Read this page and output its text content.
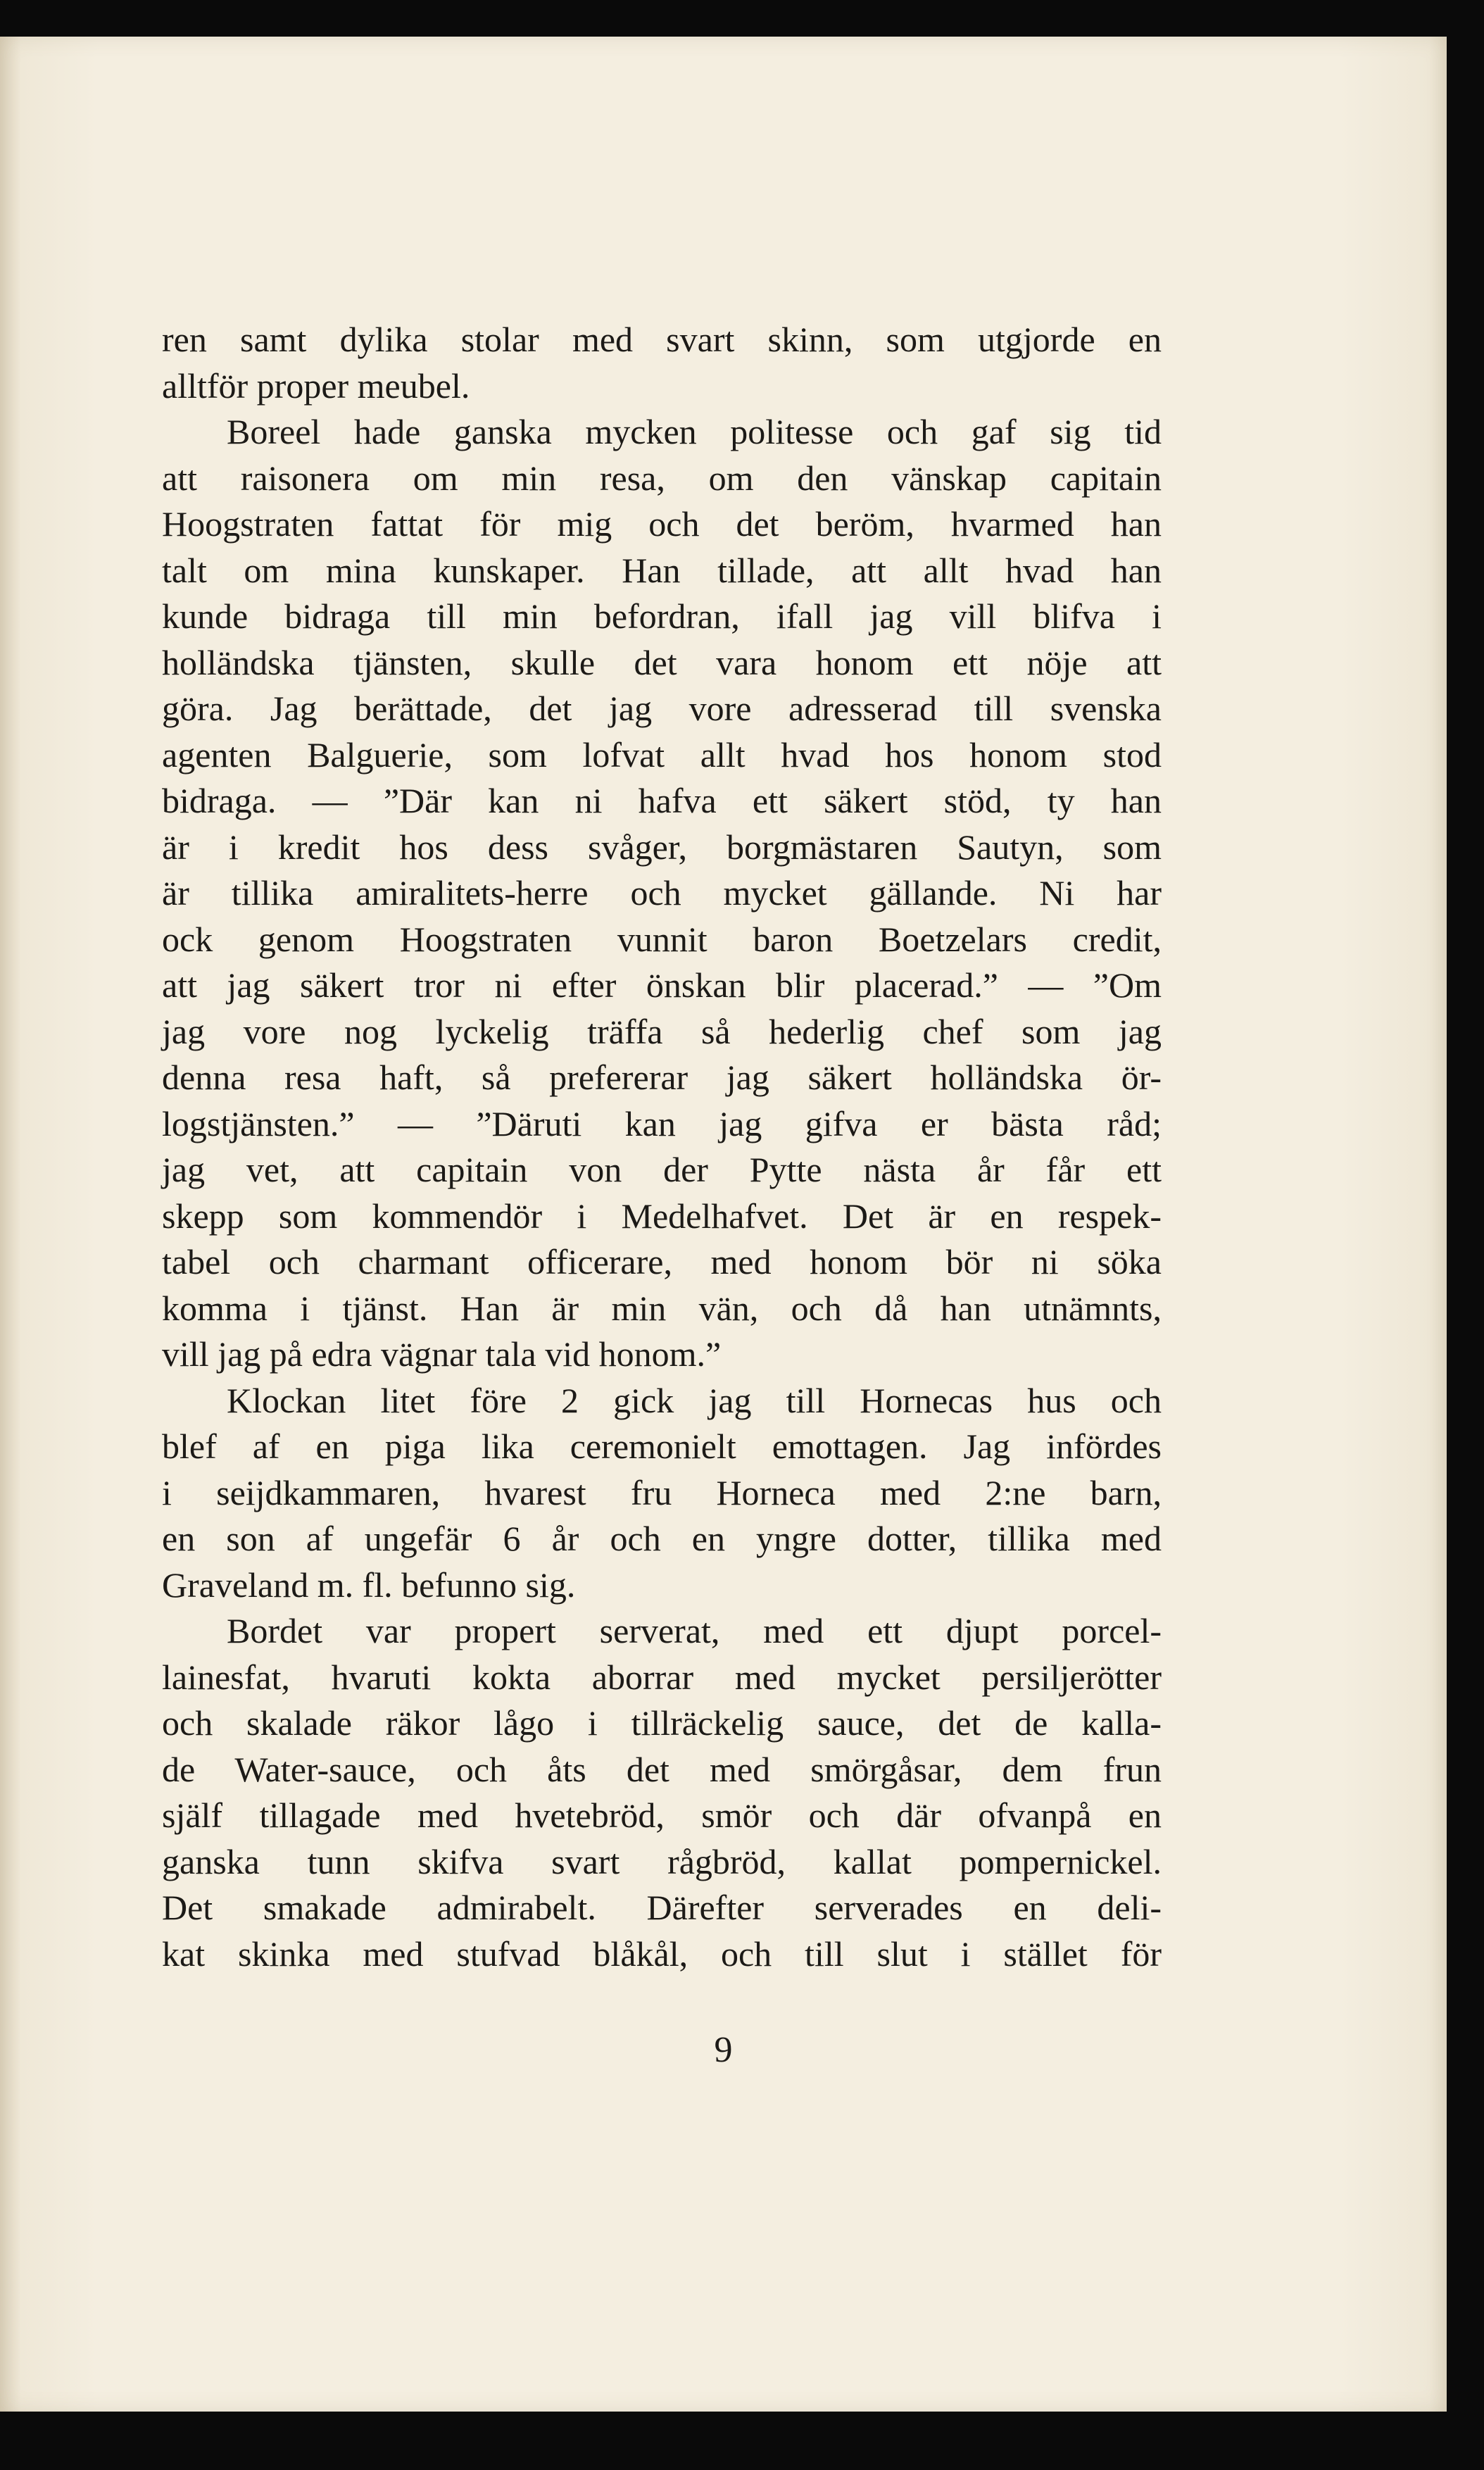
ren samt dylika stolar med svart skinn, som utgjorde en
alltför proper meubel.
Boreel hade ganska mycken politesse och gaf sig tid
att raisonera om min resa, om den vänskap capitain
Hoogstraten fattat för mig och det beröm, hvarmed han
talt om mina kunskaper. Han tillade, att allt hvad han
kunde bidraga till min befordran, ifall jag vill blifva i
holländska tjänsten, skulle det vara honom ett nöje att
göra. Jag berättade, det jag vore adresserad till svenska
agenten Balguerie, som lofvat allt hvad hos honom stod
bidraga. — ”Där kan ni hafva ett säkert stöd, ty han
är i kredit hos dess svåger, borgmästaren Sautyn, som
är tillika amiralitets-herre och mycket gällande. Ni har
ock genom Hoogstraten vunnit baron Boetzelars credit,
att jag säkert tror ni efter önskan blir placerad.” — ”Om
jag vore nog lyckelig träffa så hederlig chef som jag
denna resa haft, så prefererar jag säkert holländska ör-
logstjänsten.” — ”Däruti kan jag gifva er bästa råd;
jag vet, att capitain von der Pytte nästa år får ett
skepp som kommendör i Medelhafvet. Det är en respek-
tabel och charmant officerare, med honom bör ni söka
komma i tjänst. Han är min vän, och då han utnämnts,
vill jag på edra vägnar tala vid honom.”
Klockan litet före 2 gick jag till Hornecas hus och
blef af en piga lika ceremonielt emottagen. Jag infördes
i seijdkammaren, hvarest fru Horneca med 2:ne barn,
en son af ungefär 6 år och en yngre dotter, tillika med
Graveland m. fl. befunno sig.
Bordet var propert serverat, med ett djupt porcel-
lainesfat, hvaruti kokta aborrar med mycket persiljerötter
och skalade räkor lågo i tillräckelig sauce, det de kalla-
de Water-sauce, och åts det med smörgåsar, dem frun
själf tillagade med hvetebröd, smör och där ofvanpå en
ganska tunn skifva svart rågbröd, kallat pompernickel.
Det smakade admirabelt. Därefter serverades en deli-
kat skinka med stufvad blåkål, och till slut i stället för
9
